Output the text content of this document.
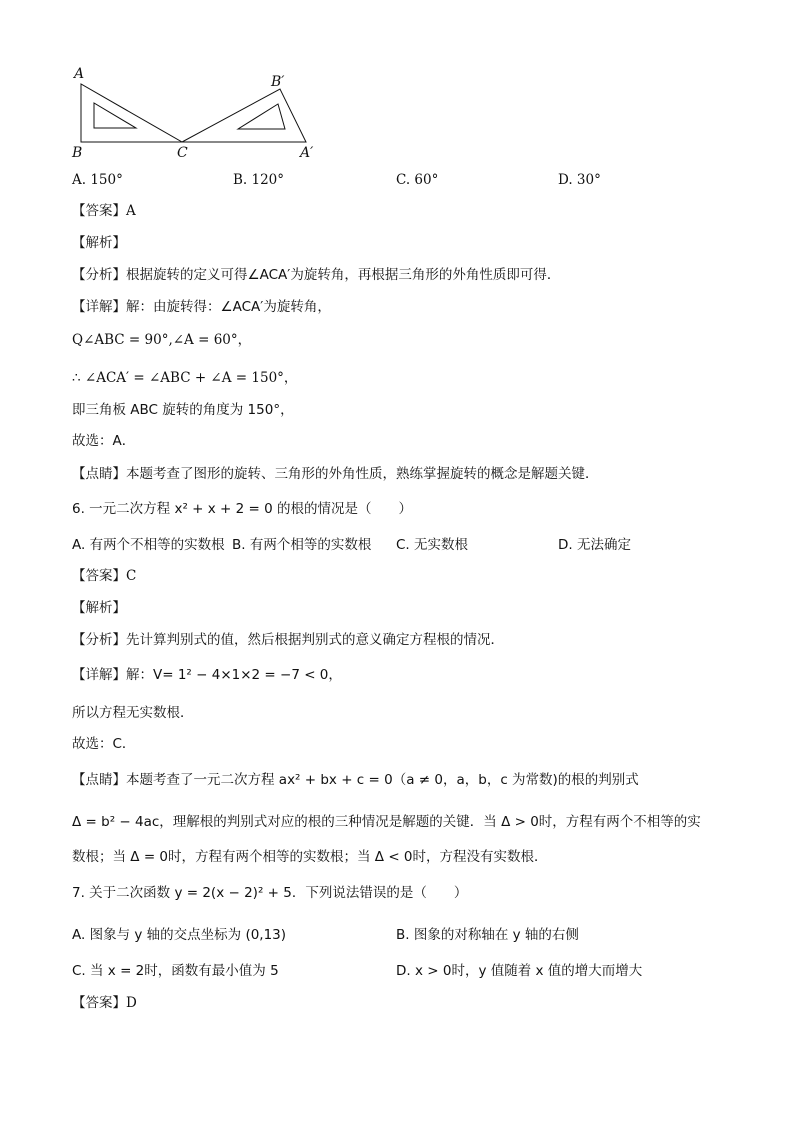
A
B	C
B′
A′
A. 150°	B. 120°	C. 60°	D. 30°
【答案】A
【解析】
【分析】根据旋转的定义可得∠ACA′为旋转角，再根据三角形的外角性质即可得．
【详解】解：由旋转得：∠ACA′为旋转角，
Q∠ABC = 90°,∠A = 60°，
∴ ∠ACA′ = ∠ABC + ∠A = 150°，
即三角板 ABC 旋转的角度为 150°，
故选：A．
【点睛】本题考查了图形的旋转、三角形的外角性质，熟练掌握旋转的概念是解题关键．
6. 一元二次方程 x² + x + 2 = 0 的根的情况是（　　）
A. 有两个不相等的实数根 B. 有两个相等的实数根 C. 无实数根	D. 无法确定
【答案】C
【解析】
【分析】先计算判别式的值，然后根据判别式的意义确定方程根的情况．
【详解】解：V= 1² − 4×1×2 = −7 < 0，
所以方程无实数根．
故选：C．
【点睛】本题考查了一元二次方程 ax² + bx + c = 0（a ≠ 0，a，b，c 为常数)的根的判别式
Δ = b² − 4ac，理解根的判别式对应的根的三种情况是解题的关键．当 Δ > 0时，方程有两个不相等的实
数根；当 Δ = 0时，方程有两个相等的实数根；当 Δ < 0时，方程没有实数根．
7. 关于二次函数 y = 2(x − 2)² + 5．下列说法错误的是（　　）
A. 图象与 y 轴的交点坐标为 (0,13)	B. 图象的对称轴在 y 轴的右侧
C. 当 x = 2时，函数有最小值为 5	D. x > 0时，y 值随着 x 值的增大而增大
【答案】D
